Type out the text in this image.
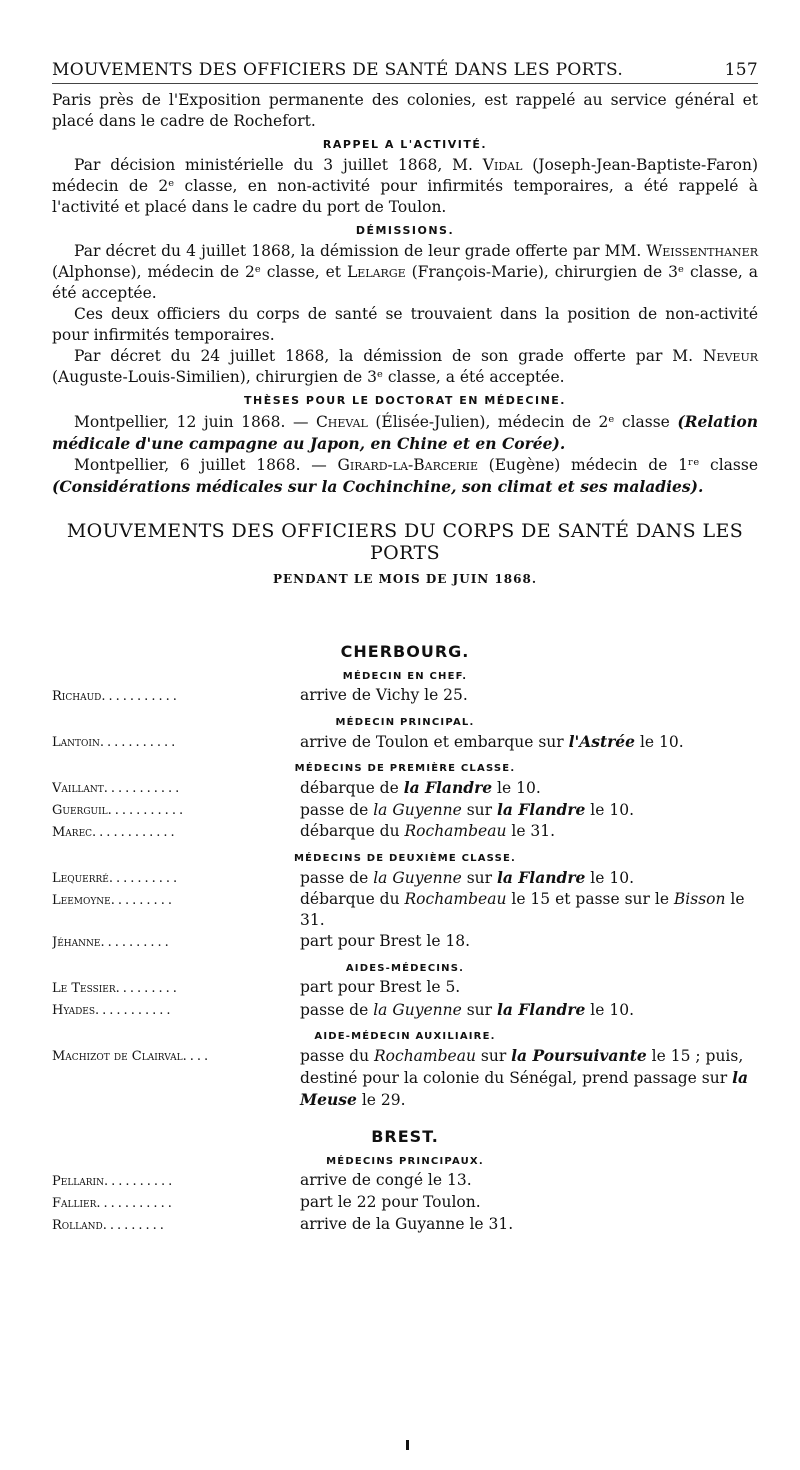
MOUVEMENTS DES OFFICIERS DE SANTÉ DANS LES PORTS.	157

Paris près de l'Exposition permanente des colonies, est rappelé au service général et placé dans le cadre de Rochefort.

RAPPEL A L'ACTIVITÉ.

Par décision ministérielle du 3 juillet 1868, M. Vidal (Joseph-Jean-Baptiste-Faron) médecin de 2ᵉ classe, en non-activité pour infirmités temporaires, a été rappelé à l'activité et placé dans le cadre du port de Toulon.

DÉMISSIONS.

Par décret du 4 juillet 1868, la démission de leur grade offerte par MM. Weissenthaner (Alphonse), médecin de 2ᵉ classe, et Lelarge (François-Marie), chirurgien de 3ᵉ classe, a été acceptée.

Ces deux officiers du corps de santé se trouvaient dans la position de non-activité pour infirmités temporaires.

Par décret du 24 juillet 1868, la démission de son grade offerte par M. Neveur (Auguste-Louis-Similien), chirurgien de 3ᵉ classe, a été acceptée.

THÈSES POUR LE DOCTORAT EN MÉDECINE.

Montpellier, 12 juin 1868. — Cheval (Élisée-Julien), médecin de 2ᵉ classe (Relation médicale d'une campagne au Japon, en Chine et en Corée).

Montpellier, 6 juillet 1868. — Girard-la-Barcerie (Eugène) médecin de 1ʳᵉ classe (Considérations médicales sur la Cochinchine, son climat et ses maladies).

MOUVEMENTS DES OFFICIERS DU CORPS DE SANTÉ DANS LES PORTS
PENDANT LE MOIS DE JUIN 1868.
CHERBOURG.
MÉDECIN EN CHEF.
Richaud...........	arrive de Vichy le 25.
MÉDECIN PRINCIPAL.
Lantoin...........	arrive de Toulon et embarque sur l'Astrée le 10.
MÉDECINS DE PREMIÈRE CLASSE.
Vaillant...........	débarque de la Flandre le 10.
Guerguil...........	passe de la Guyenne sur la Flandre le 10.
Marec............	débarque du Rochambeau le 31.
MÉDECINS DE DEUXIÈME CLASSE.
Lequerré..........	passe de la Guyenne sur la Flandre le 10.
Leemoyne.........	débarque du Rochambeau le 15 et passe sur le Bisson le 31.
Jéhanne..........	part pour Brest le 18.
AIDES-MÉDECINS.
Le Tessier.........	part pour Brest le 5.
Hyades...........	passe de la Guyenne sur la Flandre le 10.
AIDE-MÉDECIN AUXILIAIRE.
Machizot de Clairval....	passe du Rochambeau sur la Poursuivante le 15 ; puis, destiné pour la colonie du Sénégal, prend passage sur la Meuse le 29.
BREST.
MÉDECINS PRINCIPAUX.
Pellarin..........	arrive de congé le 13.
Fallier...........	part le 22 pour Toulon.
Rolland.........	arrive de la Guyanne le 31.
